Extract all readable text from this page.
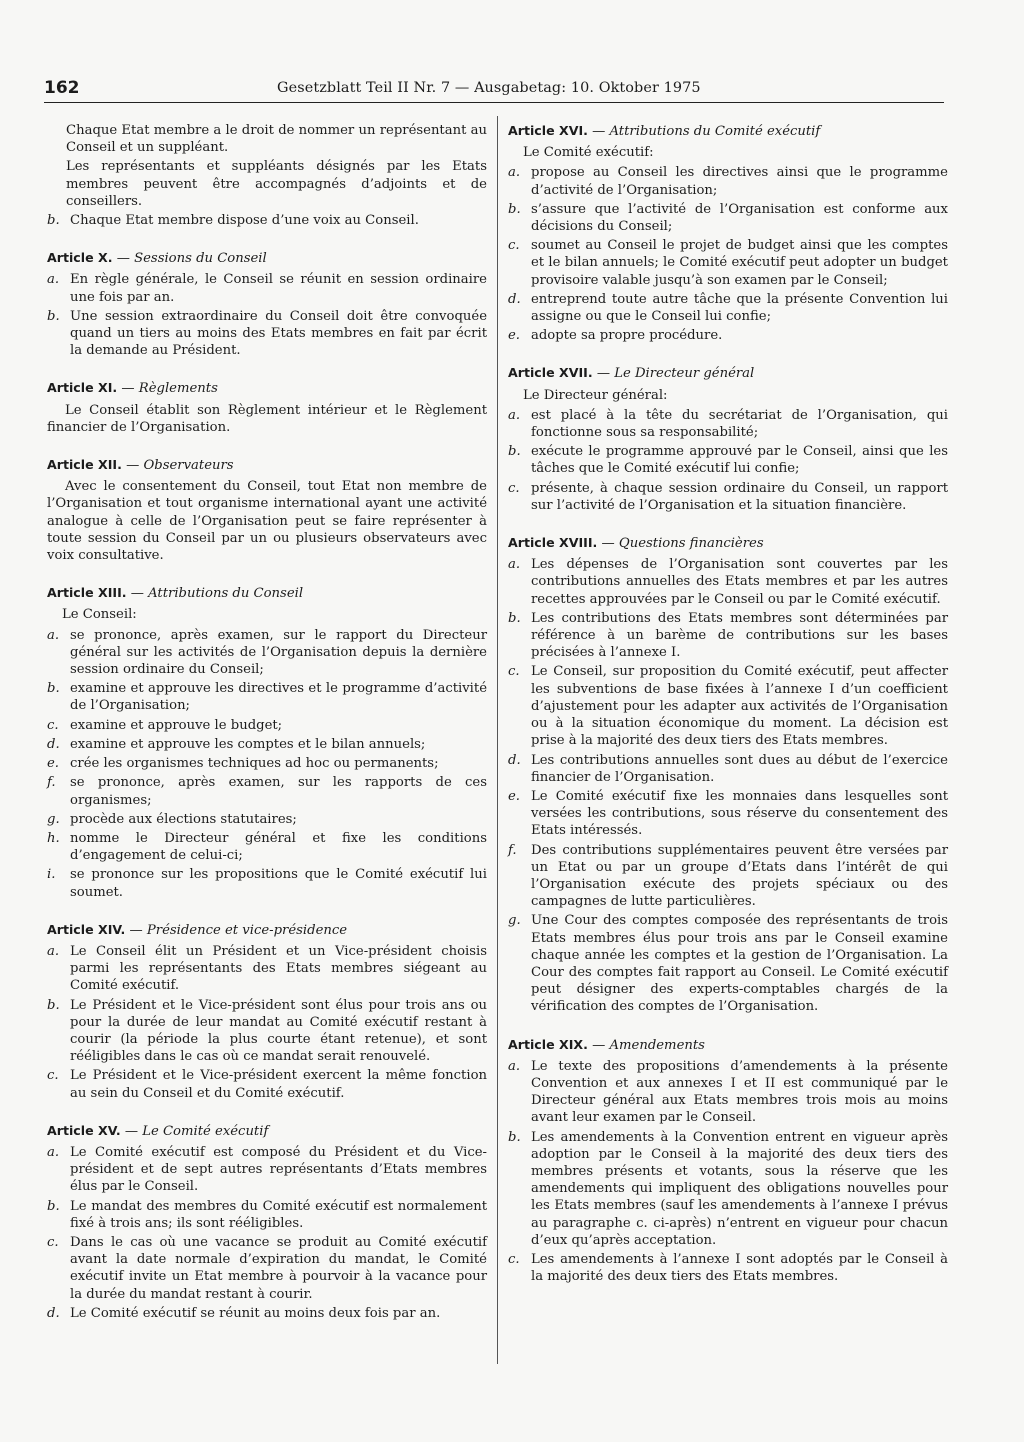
162	Gesetzblatt Teil II Nr. 7 — Ausgabetag: 10. Oktober 1975

Chaque Etat membre a le droit de nommer un représentant au Conseil et un suppléant.

Les représentants et suppléants désignés par les Etats membres peuvent être accompagnés d’adjoints et de conseillers.

b. Chaque Etat membre dispose d’une voix au Conseil.
Article X. — Sessions du Conseil
a. En règle générale, le Conseil se réunit en session ordinaire une fois par an.
b. Une session extraordinaire du Conseil doit être convoquée quand un tiers au moins des Etats membres en fait par écrit la demande au Président.
Article XI. — Règlements

Le Conseil établit son Règlement intérieur et le Règlement financier de l’Organisation.

Article XII. — Observateurs

Avec le consentement du Conseil, tout Etat non membre de l’Organisation et tout organisme international ayant une activité analogue à celle de l’Organisation peut se faire représenter à toute session du Conseil par un ou plusieurs observateurs avec voix consultative.

Article XIII. — Attributions du Conseil

Le Conseil:

a. se prononce, après examen, sur le rapport du Directeur général sur les activités de l’Organisation depuis la dernière session ordinaire du Conseil;
b. examine et approuve les directives et le programme d’activité de l’Organisation;
c. examine et approuve le budget;
d. examine et approuve les comptes et le bilan annuels;
e. crée les organismes techniques ad hoc ou permanents;
f. se prononce, après examen, sur les rapports de ces organismes;
g. procède aux élections statutaires;
h. nomme le Directeur général et fixe les conditions d’engagement de celui-ci;
i. se prononce sur les propositions que le Comité exécutif lui soumet.
Article XIV. — Présidence et vice-présidence
a. Le Conseil élit un Président et un Vice-président choisis parmi les représentants des Etats membres siégeant au Comité exécutif.
b. Le Président et le Vice-président sont élus pour trois ans ou pour la durée de leur mandat au Comité exécutif restant à courir (la période la plus courte étant retenue), et sont rééligibles dans le cas où ce mandat serait renouvelé.
c. Le Président et le Vice-président exercent la même fonction au sein du Conseil et du Comité exécutif.
Article XV. — Le Comité exécutif
a. Le Comité exécutif est composé du Président et du Vice-président et de sept autres représentants d’Etats membres élus par le Conseil.
b. Le mandat des membres du Comité exécutif est normalement fixé à trois ans; ils sont rééligibles.
c. Dans le cas où une vacance se produit au Comité exécutif avant la date normale d’expiration du mandat, le Comité exécutif invite un Etat membre à pourvoir à la vacance pour la durée du mandat restant à courir.
d. Le Comité exécutif se réunit au moins deux fois par an.
Article XVI. — Attributions du Comité exécutif

Le Comité exécutif:

a. propose au Conseil les directives ainsi que le programme d’activité de l’Organisation;
b. s’assure que l’activité de l’Organisation est conforme aux décisions du Conseil;
c. soumet au Conseil le projet de budget ainsi que les comptes et le bilan annuels; le Comité exécutif peut adopter un budget provisoire valable jusqu’à son examen par le Conseil;
d. entreprend toute autre tâche que la présente Convention lui assigne ou que le Conseil lui confie;
e. adopte sa propre procédure.
Article XVII. — Le Directeur général

Le Directeur général:

a. est placé à la tête du secrétariat de l’Organisation, qui fonctionne sous sa responsabilité;
b. exécute le programme approuvé par le Conseil, ainsi que les tâches que le Comité exécutif lui confie;
c. présente, à chaque session ordinaire du Conseil, un rapport sur l’activité de l’Organisation et la situation financière.
Article XVIII. — Questions financières
a. Les dépenses de l’Organisation sont couvertes par les contributions annuelles des Etats membres et par les autres recettes approuvées par le Conseil ou par le Comité exécutif.
b. Les contributions des Etats membres sont déterminées par référence à un barème de contributions sur les bases précisées à l’annexe I.
c. Le Conseil, sur proposition du Comité exécutif, peut affecter les subventions de base fixées à l’annexe I d’un coefficient d’ajustement pour les adapter aux activités de l’Organisation ou à la situation économique du moment. La décision est prise à la majorité des deux tiers des Etats membres.
d. Les contributions annuelles sont dues au début de l’exercice financier de l’Organisation.
e. Le Comité exécutif fixe les monnaies dans lesquelles sont versées les contributions, sous réserve du consentement des Etats intéressés.
f. Des contributions supplémentaires peuvent être versées par un Etat ou par un groupe d’Etats dans l’intérêt de qui l’Organisation exécute des projets spéciaux ou des campagnes de lutte particulières.
g. Une Cour des comptes composée des représentants de trois Etats membres élus pour trois ans par le Conseil examine chaque année les comptes et la gestion de l’Organisation. La Cour des comptes fait rapport au Conseil. Le Comité exécutif peut désigner des experts-comptables chargés de la vérification des comptes de l’Organisation.
Article XIX. — Amendements
a. Le texte des propositions d’amendements à la présente Convention et aux annexes I et II est communiqué par le Directeur général aux Etats membres trois mois au moins avant leur examen par le Conseil.
b. Les amendements à la Convention entrent en vigueur après adoption par le Conseil à la majorité des deux tiers des membres présents et votants, sous la réserve que les amendements qui impliquent des obligations nouvelles pour les Etats membres (sauf les amendements à l’annexe I prévus au paragraphe c. ci-après) n’entrent en vigueur pour chacun d’eux qu’après acceptation.
c. Les amendements à l’annexe I sont adoptés par le Conseil à la majorité des deux tiers des Etats membres.
